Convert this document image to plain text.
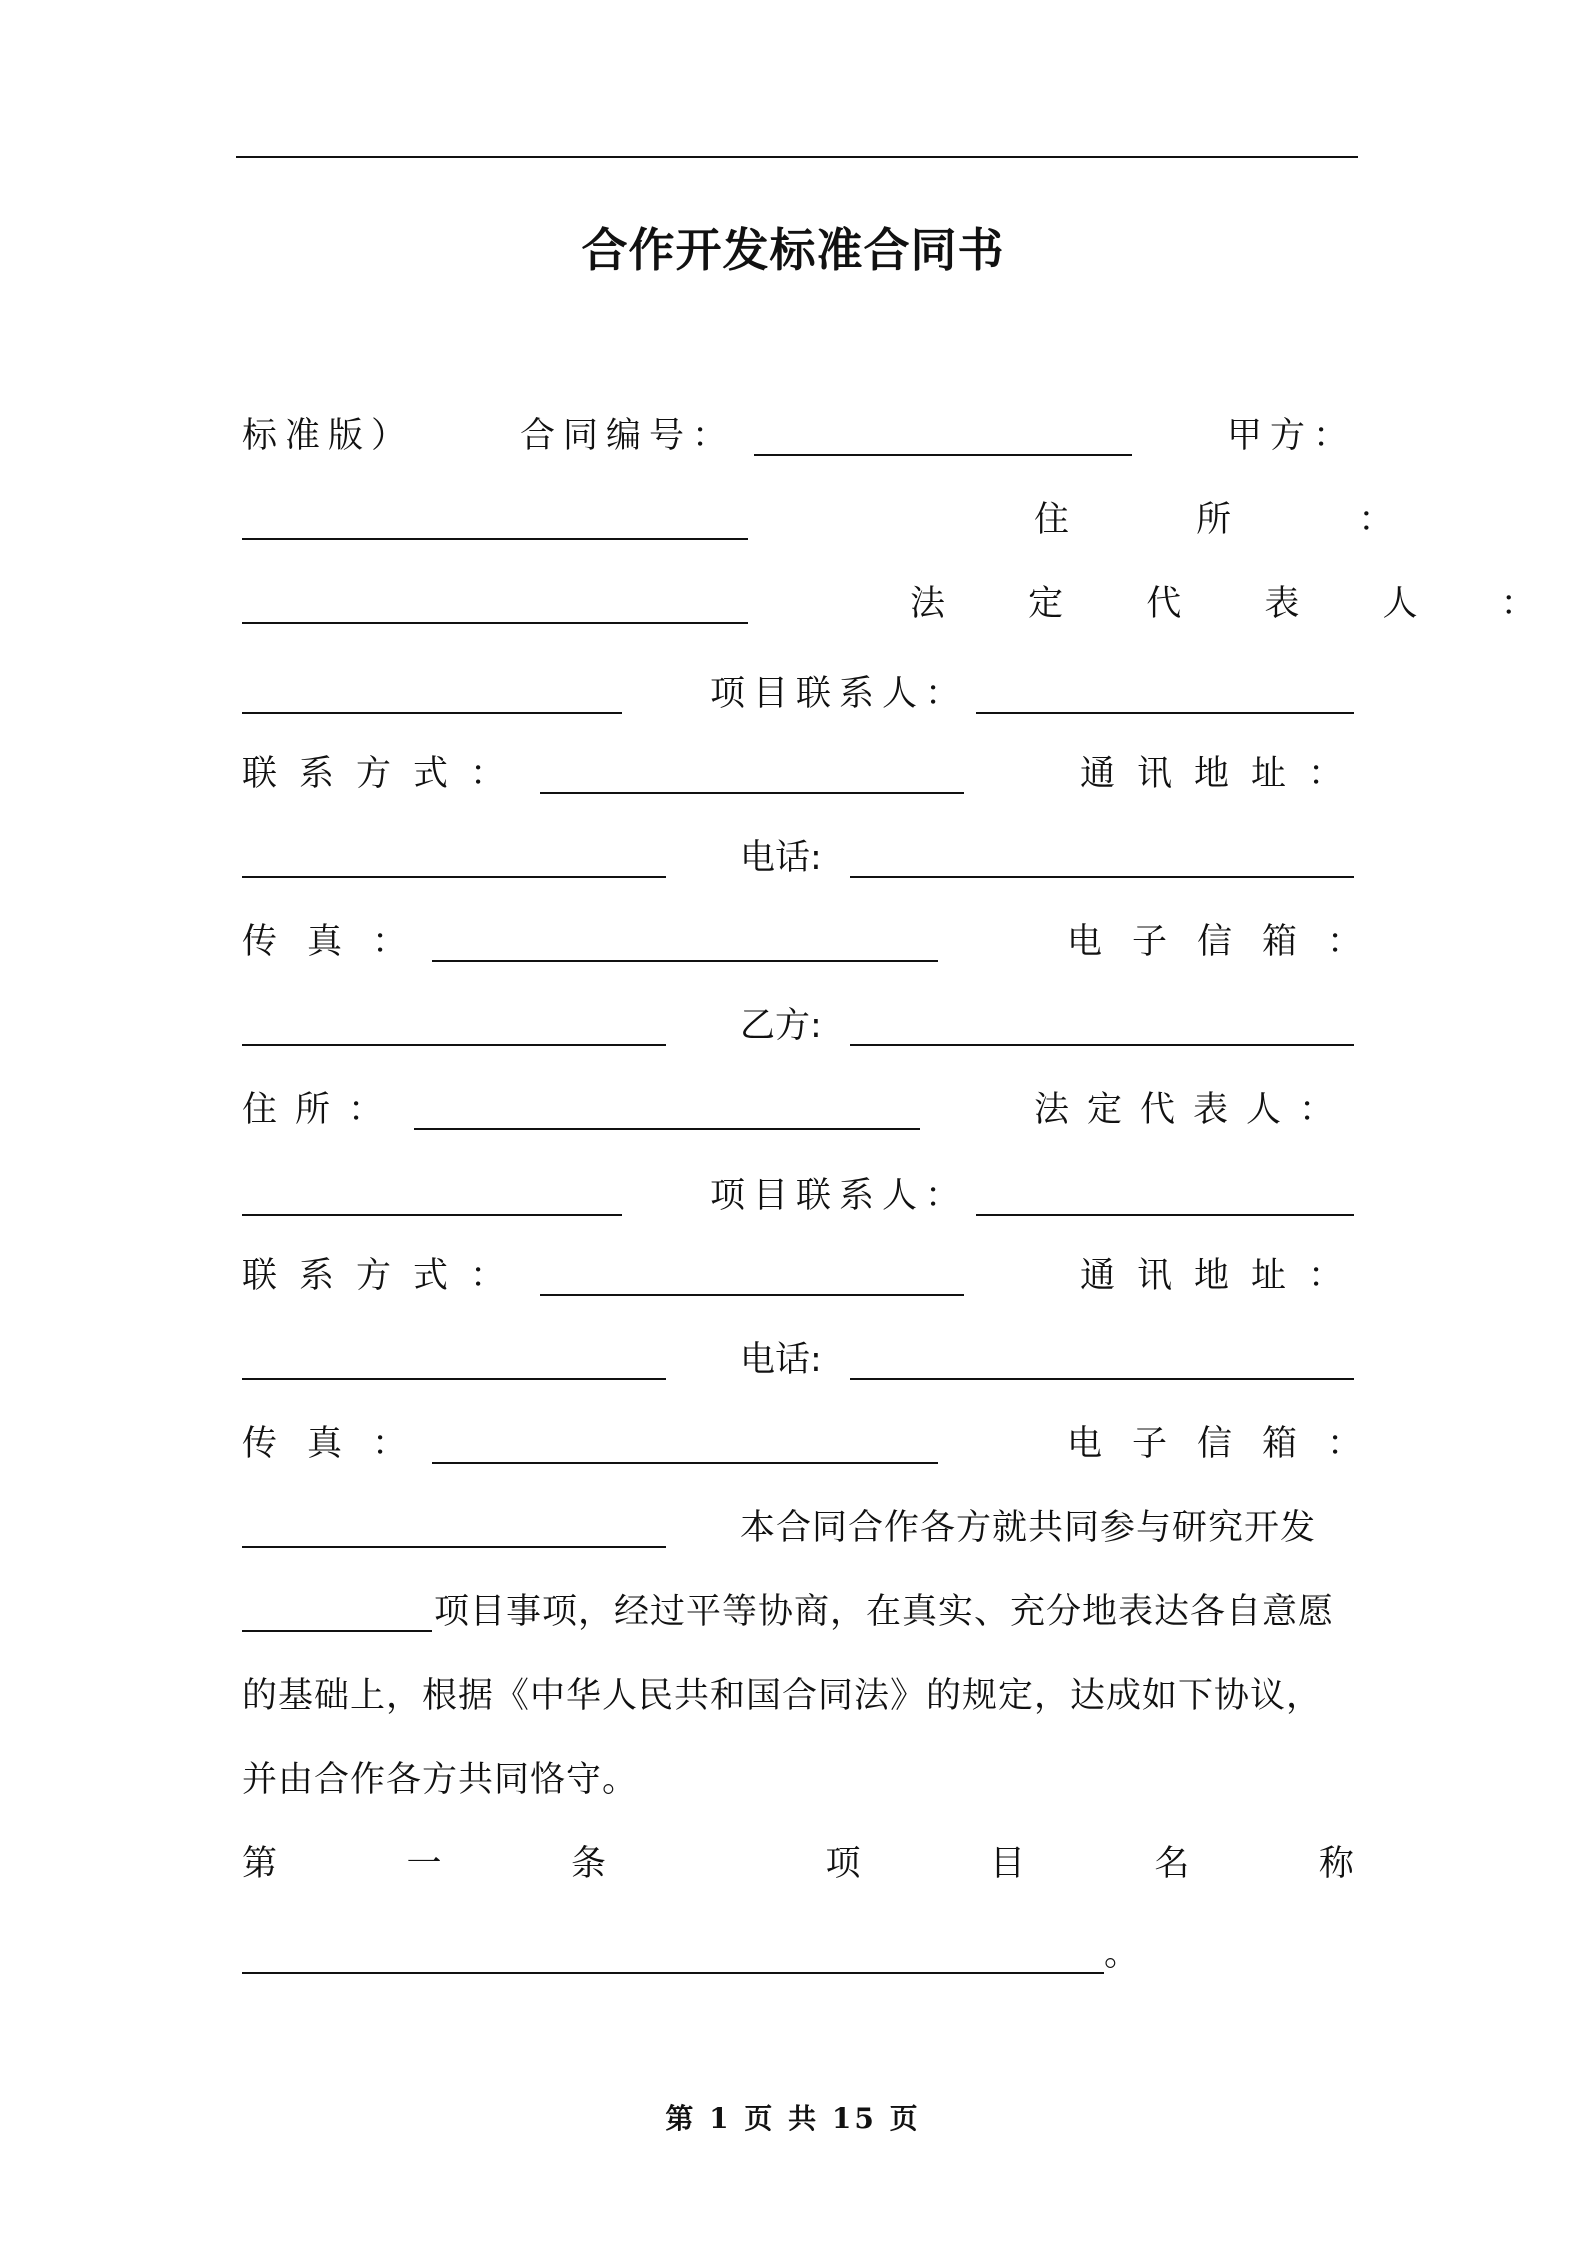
合作开发标准合同书
标准版）	合同编号：	甲方：
住 所 ：
法 定 代 表 人 ：
项目联系人：
联系方式：	通讯地址：
电话:
传真：	电子信箱：
乙方:
住所：	法定代表人：
项目联系人：
联系方式：	通讯地址：
电话:
传真：	电子信箱：
本合同合作各方就共同参与研究开发
项目事项，经过平等协商，在真实、充分地表达各自意愿
的基础上，根据《中华人民共和国合同法》的规定，达成如下协议，
并由合作各方共同恪守。
第	一	条	项	目	名	称
。
第 1 页 共 15 页
